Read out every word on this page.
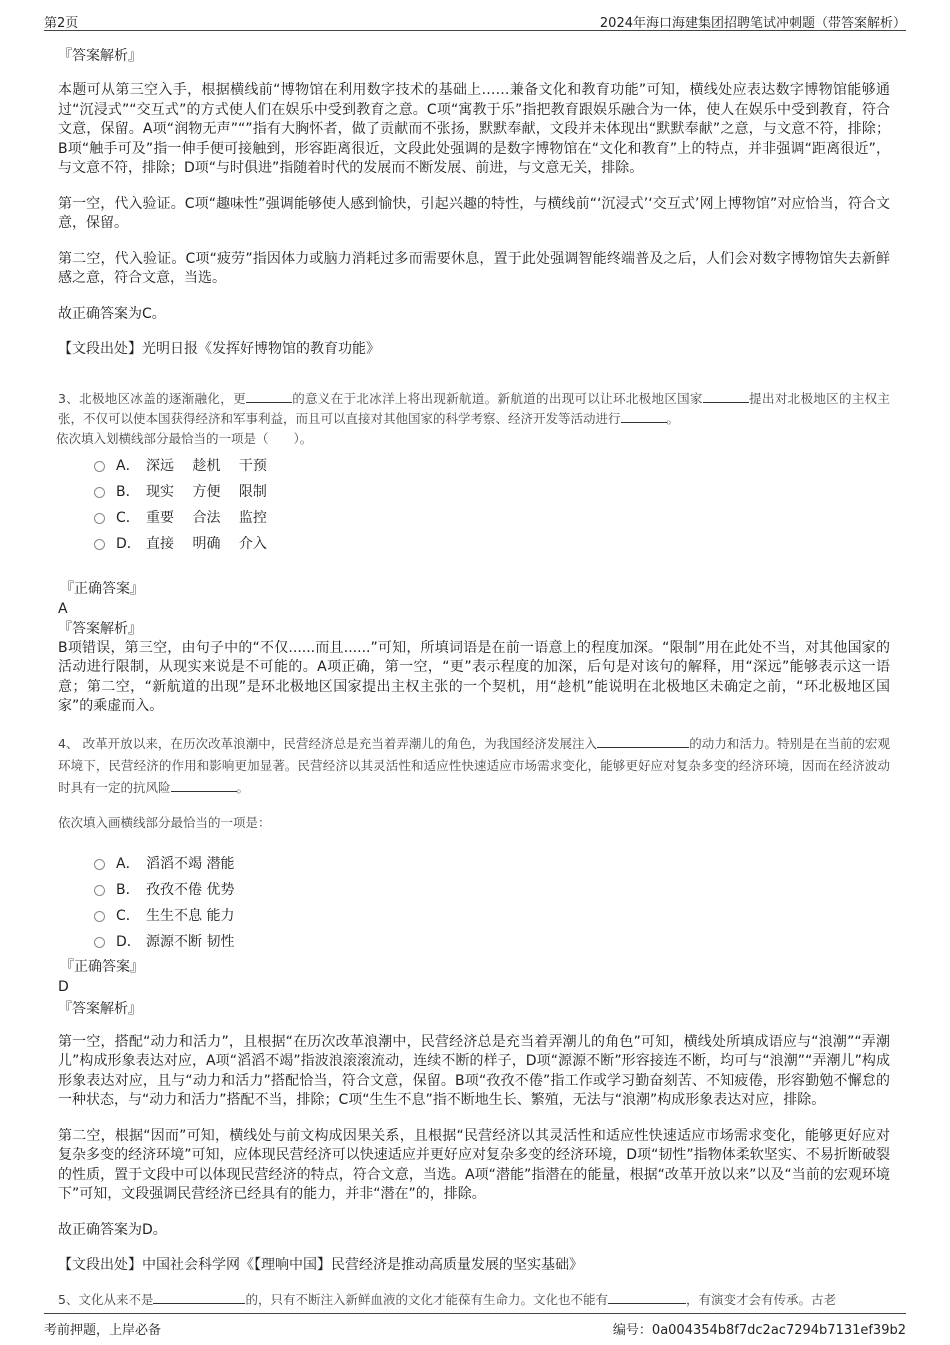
第2页	2024年海口海建集团招聘笔试冲刺题（带答案解析）

『答案解析』

本题可从第三空入手，根据横线前“博物馆在利用数字技术的基础上……兼备文化和教育功能”可知，横线处应表达数字博物馆能够通过“沉浸式”“交互式”的方式使人们在娱乐中受到教育之意。C项“寓教于乐”指把教育跟娱乐融合为一体，使人在娱乐中受到教育，符合文意，保留。A项“润物无声”“”指有大胸怀者，做了贡献而不张扬，默默奉献，文段并未体现出“默默奉献”之意，与文意不符，排除；B项“触手可及”指一伸手便可接触到，形容距离很近，文段此处强调的是数字博物馆在“文化和教育”上的特点，并非强调“距离很近”，与文意不符，排除；D项“与时俱进”指随着时代的发展而不断发展、前进，与文意无关，排除。

第一空，代入验证。C项“趣味性”强调能够使人感到愉快，引起兴趣的特性，与横线前“‘沉浸式’‘交互式’网上博物馆”对应恰当，符合文意，保留。

第二空，代入验证。C项“疲劳”指因体力或脑力消耗过多而需要休息，置于此处强调智能终端普及之后，人们会对数字博物馆失去新鲜感之意，符合文意，当选。

故正确答案为C。

【文段出处】光明日报《发挥好博物馆的教育功能》

3、北极地区冰盖的逐渐融化，更	的意义在于北冰洋上将出现新航道。新航道的出现可以让环北极地区国家	提出对北极地区的主权主张，不仅可以使本国获得经济和军事利益，而且可以直接对其他国家的科学考察、经济开发等活动进行	。

依次填入划横线部分最恰当的一项是（　　）。

A． 深远　 趁机　 干预
B． 现实　 方便　 限制
C． 重要　 合法　 监控
D． 直接　 明确　 介入

『正确答案』

A

『答案解析』

B项错误，第三空，由句子中的“不仅......而且......”可知，所填词语是在前一语意上的程度加深。“限制”用在此处不当，对其他国家的活动进行限制，从现实来说是不可能的。A项正确，第一空，“更”表示程度的加深，后句是对该句的解释，用“深远”能够表示这一语意；第二空，“新航道的出现”是环北极地区国家提出主权主张的一个契机，用“趁机”能说明在北极地区未确定之前，“环北极地区国家”的乘虚而入。

4、 改革开放以来，在历次改革浪潮中，民营经济总是充当着弄潮儿的角色，为我国经济发展注入	的动力和活力。特别是在当前的宏观环境下，民营经济的作用和影响更加显著。民营经济以其灵活性和适应性快速适应市场需求变化，能够更好应对复杂多变的经济环境，因而在经济波动时具有一定的抗风险	。

依次填入画横线部分最恰当的一项是：

A． 滔滔不竭 潜能
B． 孜孜不倦 优势
C． 生生不息 能力
D． 源源不断 韧性

『正确答案』

D

『答案解析』

第一空，搭配“动力和活力”，且根据“在历次改革浪潮中，民营经济总是充当着弄潮儿的角色”可知，横线处所填成语应与“浪潮”“弄潮儿”构成形象表达对应，A项“滔滔不竭”指波浪滚滚流动，连续不断的样子，D项“源源不断”形容接连不断，均可与“浪潮”“弄潮儿”构成形象表达对应，且与“动力和活力”搭配恰当，符合文意，保留。B项“孜孜不倦”指工作或学习勤奋刻苦、不知疲倦，形容勤勉不懈怠的一种状态，与“动力和活力”搭配不当，排除；C项“生生不息”指不断地生长、繁殖，无法与“浪潮”构成形象表达对应，排除。

第二空，根据“因而”可知，横线处与前文构成因果关系，且根据“民营经济以其灵活性和适应性快速适应市场需求变化，能够更好应对复杂多变的经济环境”可知，应体现民营经济可以快速适应并更好应对复杂多变的经济环境，D项“韧性”指物体柔软坚实、不易折断破裂的性质，置于文段中可以体现民营经济的特点，符合文意，当选。A项“潜能”指潜在的能量，根据“改革开放以来”以及“当前的宏观环境下”可知，文段强调民营经济已经具有的能力，并非“潜在”的，排除。

故正确答案为D。

【文段出处】中国社会科学网《【理响中国】民营经济是推动高质量发展的坚实基础》

5、文化从来不是	的，只有不断注入新鲜血液的文化才能葆有生命力。文化也不能有	，有演变才会有传承。古老

考前押题，上岸必备	编号：0a004354b8f7dc2ac7294b7131ef39b2
